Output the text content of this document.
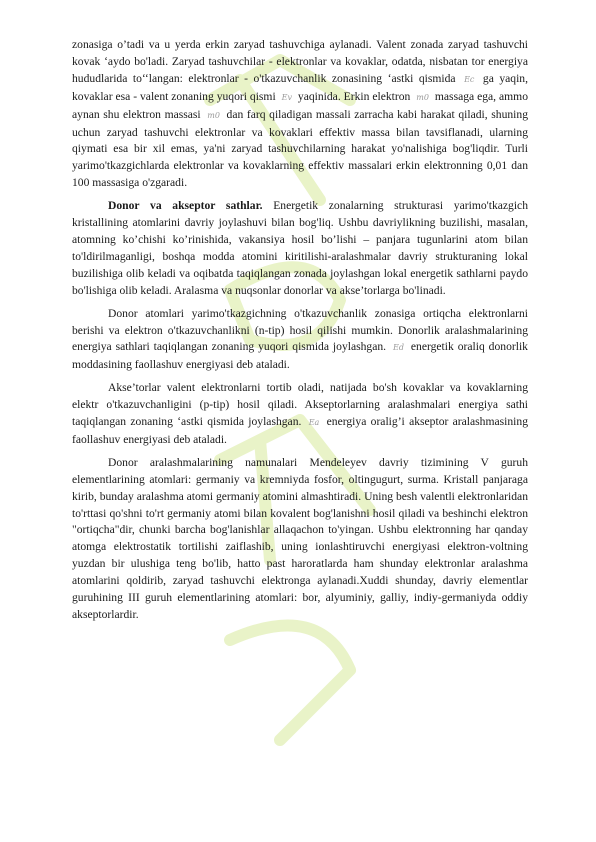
zonasiga o’tadi va u yerda erkin zaryad tashuvchiga aylanadi. Valent zonada zaryad tashuvchi kovak ‘aydo bo'ladi. Zaryad tashuvchilar - elektronlar va kovaklar, odatda, nisbatan tor energiya hududlarida to‘‘langan: elektronlar - o'tkazuvchanlik zonasining ‘astki qismida Ec ga yaqin, kovaklar esa - valent zonaning yuqori qismi Ev yaqinida. Erkin elektron m0 massaga ega, ammo aynan shu elektron massasi m0 dan farq qiladigan massali zarracha kabi harakat qiladi, shuning uchun zaryad tashuvchi elektronlar va kovaklari effektiv massa bilan tavsiflanadi, ularning qiymati esa bir xil emas, ya'ni zaryad tashuvchilarning harakat yo'nalishiga bog'liqdir. Turli yarimo'tkazgichlarda elektronlar va kovaklarning effektiv massalari erkin elektronning 0,01 dan 100 massasiga o'zgaradi.

Donor va akseptor sathlar. Energetik zonalarning strukturasi yarimo'tkazgich kristallining atomlarini davriy joylashuvi bilan bog'liq. Ushbu davriylikning buzilishi, masalan, atomning ko’chishi ko’rinishida, vakansiya hosil bo’lishi – panjara tugunlarini atom bilan to'ldirilmaganligi, boshqa modda atomini kiritilishi-aralashmalar davriy strukturaning lokal buzilishiga olib keladi va oqibatda taqiqlangan zonada joylashgan lokal energetik sathlarni paydo bo'lishiga olib keladi. Aralasma va nuqsonlar donorlar va akse’torlarga bo'linadi.

Donor atomlari yarimo'tkazgichning o'tkazuvchanlik zonasiga ortiqcha elektronlarni berishi va elektron o'tkazuvchanlikni (n-tip) hosil qilishi mumkin. Donorlik aralashmalarining energiya sathlari taqiqlangan zonaning yuqori qismida joylashgan. Ed energetik oraliq donorlik moddasining faollashuv energiyasi deb ataladi.

Akse’torlar valent elektronlarni tortib oladi, natijada bo'sh kovaklar va kovaklarning elektr o'tkazuvchanligini (p-tip) hosil qiladi. Akseptorlarning aralashmalari energiya sathi taqiqlangan zonaning ‘astki qismida joylashgan. Ea energiya oralig’i akseptor aralashmasining faollashuv energiyasi deb ataladi.

Donor aralashmalarining namunalari Mendeleyev davriy tizimining V guruh elementlarining atomlari: germaniy va kremniyda fosfor, oltingugurt, surma. Kristall panjaraga kirib, bunday aralashma atomi germaniy atomini almashtiradi. Uning besh valentli elektronlaridan to'rttasi qo'shni to'rt germaniy atomi bilan kovalent bog'lanishni hosil qiladi va beshinchi elektron "ortiqcha"dir, chunki barcha bog'lanishlar allaqachon to'yingan. Ushbu elektronning har qanday atomga elektrostatik tortilishi zaiflashib, uning ionlashtiruvchi energiyasi elektron-voltning yuzdan bir ulushiga teng bo'lib, hatto past haroratlarda ham shunday elektronlar aralashma atomlarini qoldirib, zaryad tashuvchi elektronga aylanadi.Xuddi shunday, davriy elementlar guruhining III guruh elementlarining atomlari: bor, alyuminiy, galliy, indiy-germaniyda oddiy akseptorlardir.
